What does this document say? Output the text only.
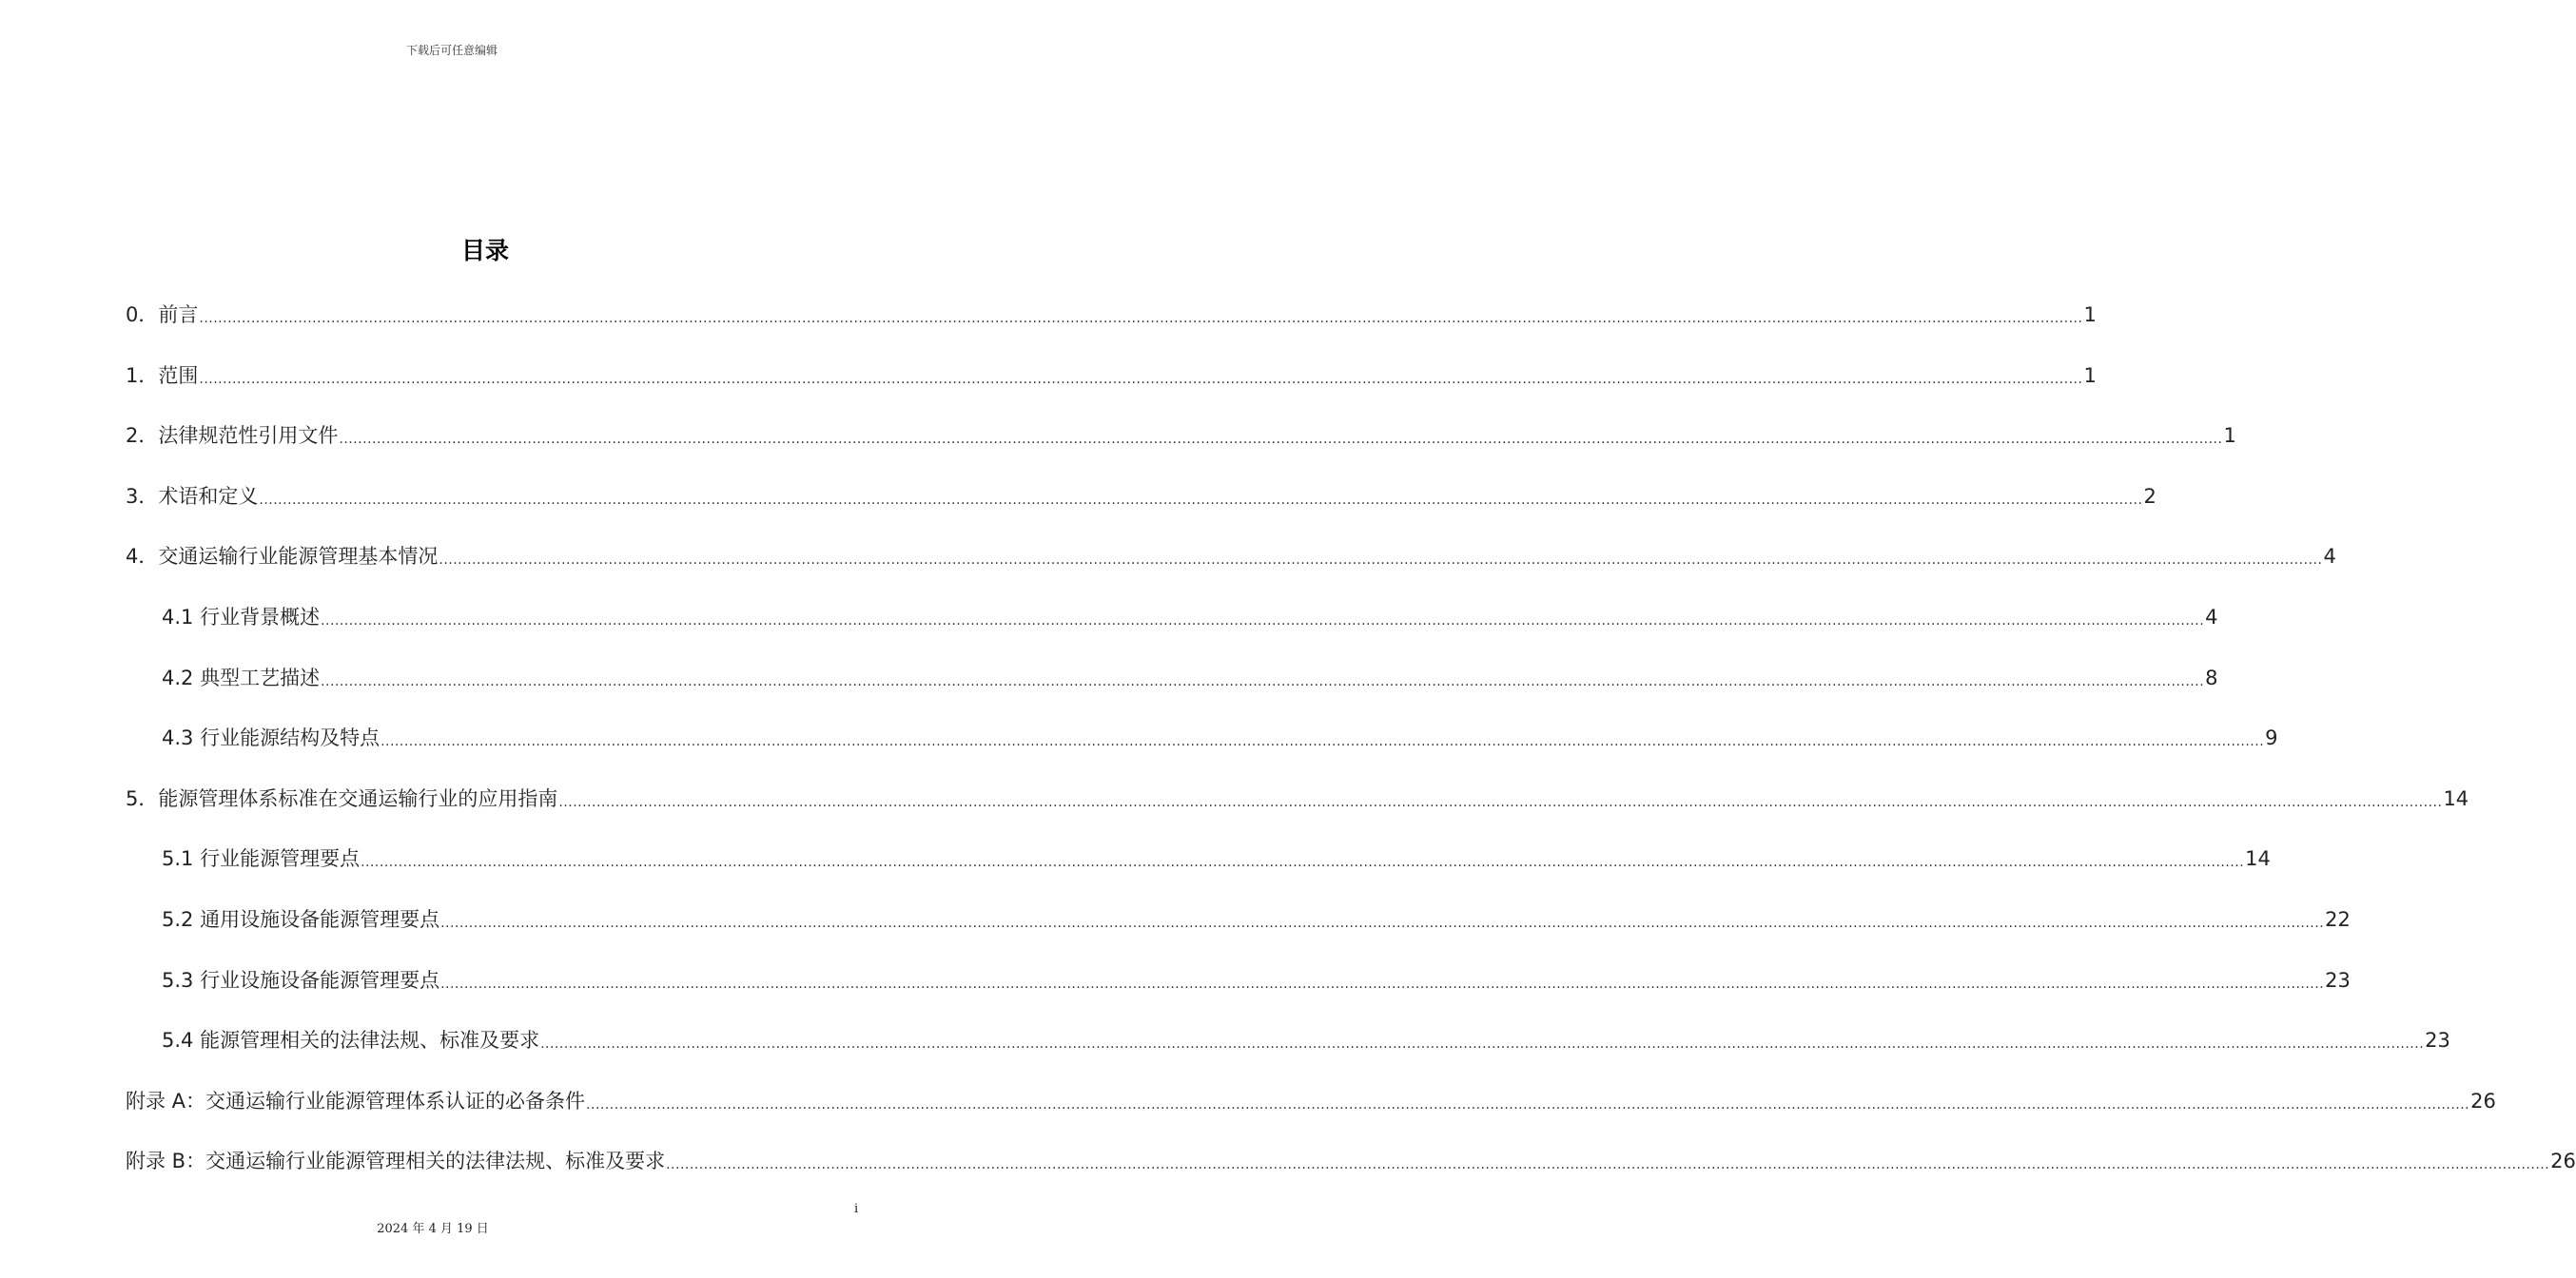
下载后可任意编辑
目录
0．前言 ................................................................................................................................................................................................................................................................................................................................................................................................................ 1
1．范围 ................................................................................................................................................................................................................................................................................................................................................................................................................ 1
2．法律规范性引用文件 ................................................................................................................................................................................................................................................................................................................................................................................................................ 1
3．术语和定义 ................................................................................................................................................................................................................................................................................................................................................................................................................ 2
4．交通运输行业能源管理基本情况 ................................................................................................................................................................................................................................................................................................................................................................................................................ 4
4.1 行业背景概述 ................................................................................................................................................................................................................................................................................................................................................................................................................ 4
4.2 典型工艺描述 ................................................................................................................................................................................................................................................................................................................................................................................................................ 8
4.3 行业能源结构及特点 ................................................................................................................................................................................................................................................................................................................................................................................................................ 9
5．能源管理体系标准在交通运输行业的应用指南 ................................................................................................................................................................................................................................................................................................................................................................................................................ 14
5.1 行业能源管理要点 ................................................................................................................................................................................................................................................................................................................................................................................................................ 14
5.2 通用设施设备能源管理要点 ................................................................................................................................................................................................................................................................................................................................................................................................................ 22
5.3 行业设施设备能源管理要点 ................................................................................................................................................................................................................................................................................................................................................................................................................ 23
5.4 能源管理相关的法律法规、标准及要求 ................................................................................................................................................................................................................................................................................................................................................................................................................ 23
附录 A：交通运输行业能源管理体系认证的必备条件 ................................................................................................................................................................................................................................................................................................................................................................................................................ 26
附录 B：交通运输行业能源管理相关的法律法规、标准及要求 ................................................................................................................................................................................................................................................................................................................................................................................................................ 26
i
2024 年 4 月 19 日
